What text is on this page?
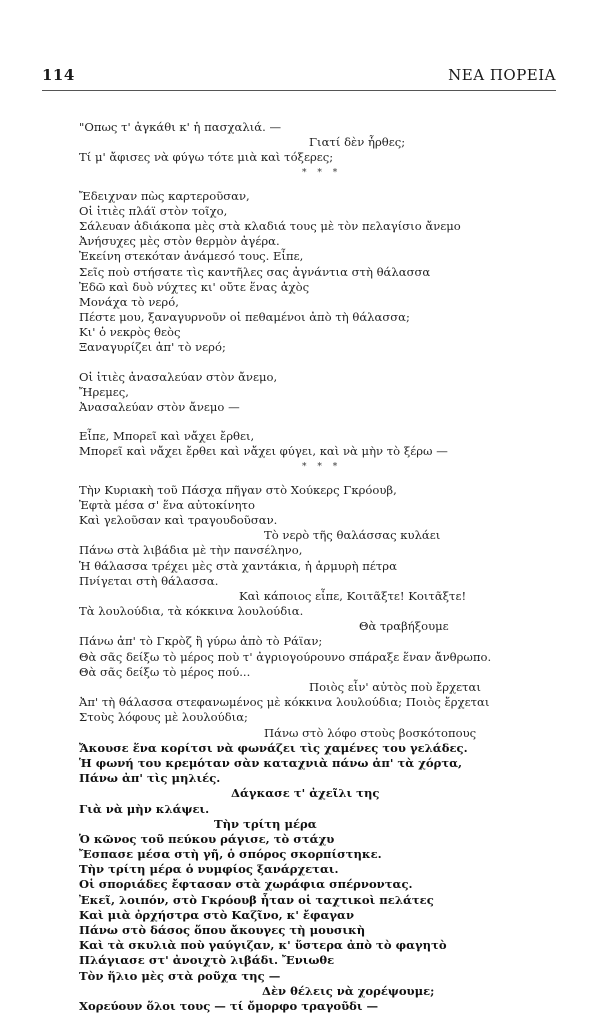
114	ΝΕΑ ΠΟΡΕΙΑ
"Οπως τ' ἀγκάθι κ' ἡ πασχαλιά. —
Γιατί δὲν ἦρθες;
Τί μ' ἄφισες νὰ φύγω τότε μιὰ καὶ τόξερες;
* * *
Ἔδειχναν πὼς καρτεροῦσαν,
Οἱ ἰτιὲς πλάϊ στὸν τοῖχο,
Σάλευαν ἀδιάκοπα μὲς στὰ κλαδιά τους μὲ τὸν πελαγίσιο ἄνεμο
Ἀνήσυχες μὲς στὸν θερμὸν ἀγέρα.
Ἐκείνη στεκόταν ἀνάμεσό τους. Εἶπε,
Σεῖς ποὺ στήσατε τὶς καντῆλες σας ἀγνάντια στὴ θάλασσα
Ἐδῶ καὶ δυὸ νύχτες κι' οὔτε ἕνας ἀχὸς
Μονάχα τὸ νερό,
Πέστε μου, ξαναγυρνοῦν οἱ πεθαμένοι ἀπὸ τὴ θάλασσα;
Κι' ὁ νεκρὸς θεὸς
Ξαναγυρίζει ἀπ' τὸ νερό;
Οἱ ἰτιὲς ἀνασαλεύαν στὸν ἄνεμο,
Ἤρεμες,
Ἀνασαλεύαν στὸν ἄνεμο —
Εἶπε, Μπορεῖ καὶ νἄχει ἔρθει,
Μπορεῖ καὶ νἄχει ἔρθει καὶ νἄχει φύγει, καὶ νὰ μὴν τὸ ξέρω —
* * *
Τὴν Κυριακὴ τοῦ Πάσχα πῆγαν στὸ Χούκερς Γκρόουβ,
Ἐφτὰ μέσα σ' ἕνα αὐτοκίνητο
Καὶ γελοῦσαν καὶ τραγουδοῦσαν.
Τὸ νερὸ τῆς θαλάσσας κυλάει
Πάνω στὰ λιβάδια μὲ τὴν πανσέληνο,
Ἡ θάλασσα τρέχει μὲς στὰ χαντάκια, ἡ ἁρμυρὴ πέτρα
Πνίγεται στὴ θάλασσα.
Καὶ κάποιος εἶπε, Κοιτᾶξτε! Κοιτᾶξτε!
Τὰ λουλούδια, τὰ κόκκινα λουλούδια.
Θὰ τραβήξουμε
Πάνω ἀπ' τὸ Γκρὸζ ἢ γύρω ἀπὸ τὸ Ράϊαν;
Θὰ σᾶς δείξω τὸ μέρος ποὺ τ' ἀγριογούρουνο σπάραξε ἕναν ἄνθρωπο.
Θὰ σᾶς δείξω τὸ μέρος πού...
Ποιὸς εἶν' αὐτὸς ποὺ ἔρχεται
Ἀπ' τὴ θάλασσα στεφανωμένος μὲ κόκκινα λουλούδια; Ποιὸς ἔρχεται
Στοὺς λόφους μὲ λουλούδια;
Πάνω στὸ λόφο στοὺς βοσκότοπους
Ἄκουσε ἕνα κορίτσι νὰ φωνάζει τὶς χαμένες του γελάδες.
Ἡ φωνή του κρεμόταν σὰν καταχνιὰ πάνω ἀπ' τὰ χόρτα,
Πάνω ἀπ' τὶς μηλιές.
Δάγκασε τ' ἀχεῖλι της
Γιὰ νὰ μὴν κλάψει.
Τὴν τρίτη μέρα
Ὁ κῶνος τοῦ πεύκου ράγισε, τὸ στάχυ
Ἔσπασε μέσα στὴ γῆ, ὁ σπόρος σκορπίστηκε.
Τὴν τρίτη μέρα ὁ νυμφίος ξανάρχεται.
Οἱ σποριάδες ἔφτασαν στὰ χωράφια σπέρνοντας.
Ἐκεῖ, λοιπόν, στὸ Γκρόουβ ἦταν οἱ ταχτικοὶ πελάτες
Καὶ μιὰ ὀρχήστρα στὸ Καζῖνο, κ' ἔφαγαν
Πάνω στὸ δάσος ὅπου ἄκουγες τὴ μουσικὴ
Καὶ τὰ σκυλιὰ ποὺ γαύγιζαν, κ' ὕστερα ἀπὸ τὸ φαγητὸ
Πλάγιασε στ' ἀνοιχτὸ λιβάδι. Ἔνιωθε
Τὸν ἥλιο μὲς στὰ ροῦχα της —
Δὲν θέλεις νὰ χορέψουμε;
Χορεύουν ὅλοι τους — τί ὄμορφο τραγοῦδι —
